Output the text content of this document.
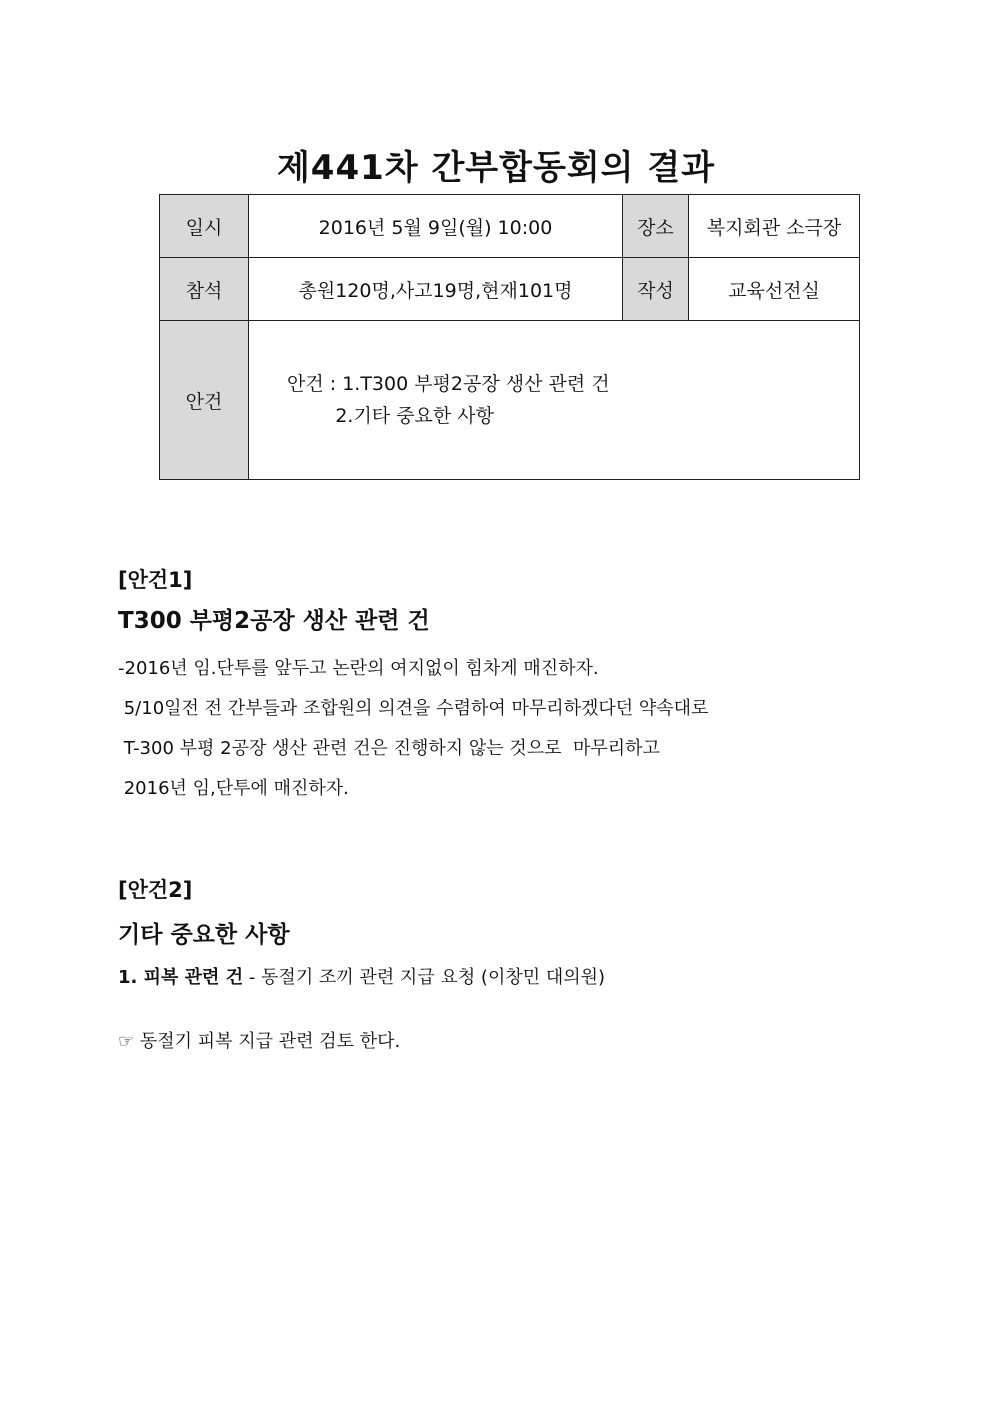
제441차 간부합동회의 결과
일시	2016년 5월 9일(월) 10:00	장소	복지회관 소극장
참석	총원120명,사고19명,현재101명	작성	교육선전실
안건	안건 : 1.T300 부평2공장 생산 관련 건
2.기타 중요한 사항		
[안건1]
T300 부평2공장 생산 관련 건
-2016년 임.단투를 앞두고 논란의 여지없이 힘차게 매진하자.
5/10일전 전 간부들과 조합원의 의견을 수렴하여 마무리하겠다던 약속대로
T-300 부평 2공장 생산 관련 건은 진행하지 않는 것으로  마무리하고
2016년 임,단투에 매진하자.
[안건2]
기타 중요한 사항
1. 피복 관련 건 - 동절기 조끼 관련 지급 요청 (이창민 대의원)
☞ 동절기 피복 지급 관련 검토 한다.
